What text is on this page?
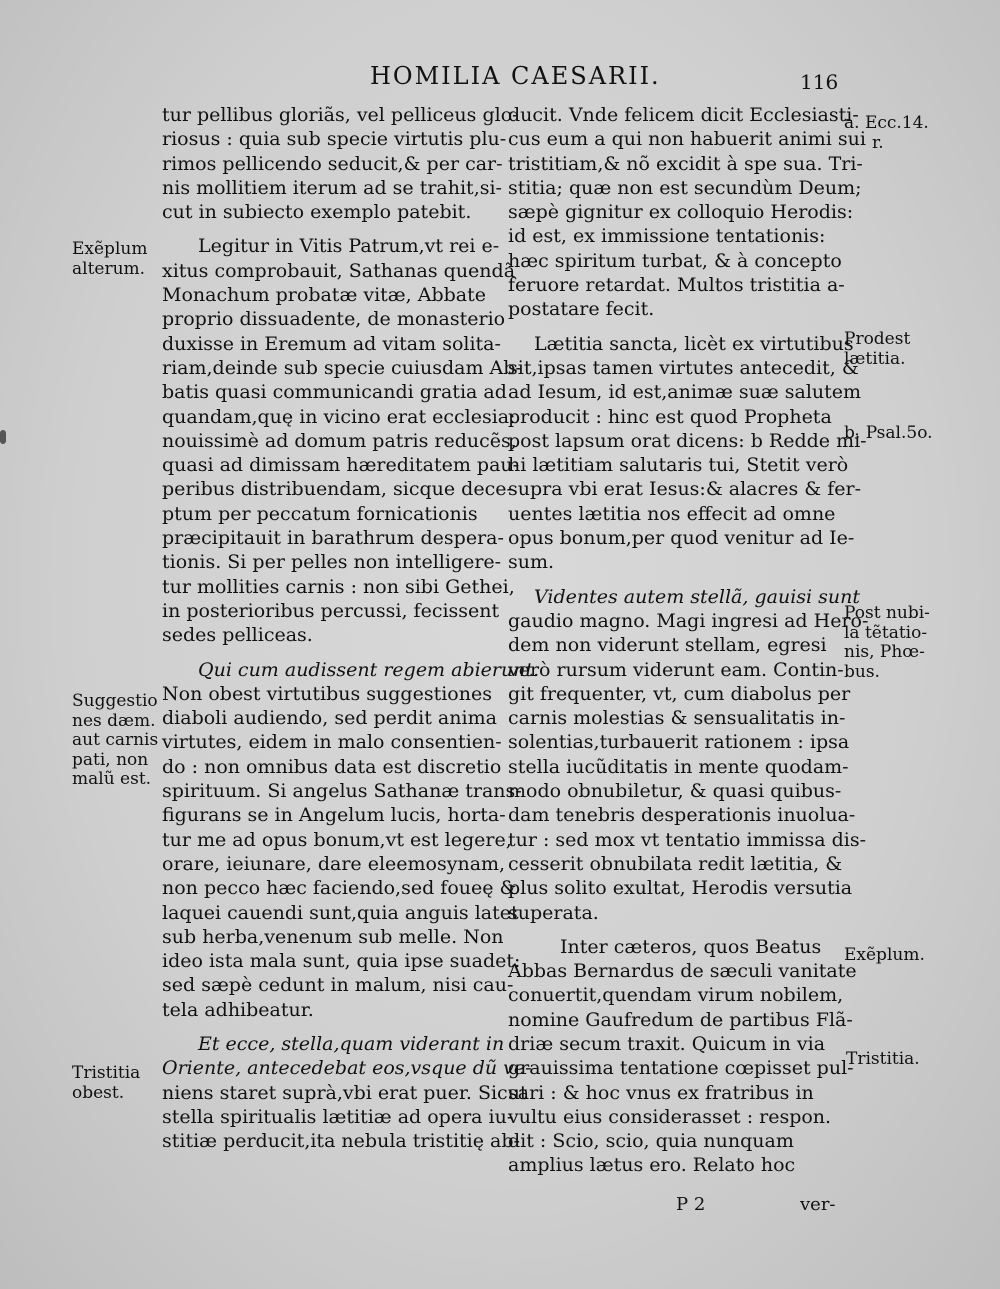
HOMILIA CAESARII.	116
tur pellibus gloriãs, vel pelliceus glo-
riosus : quia sub specie virtutis plu-
rimos pellicendo seducit,& per car-
nis mollitiem iterum ad se trahit,si-
cut in subiecto exemplo patebit.
Legitur in Vitis Patrum,vt rei e-
xitus comprobauit, Sathanas quendã
Monachum probatæ vitæ, Abbate
proprio dissuadente, de monasterio
duxisse in Eremum ad vitam solita-
riam,deinde sub specie cuiusdam Ab-
batis quasi communicandi gratia ad
quandam,quę in vicino erat ecclesia:
nouissimè ad domum patris reducẽs,
quasi ad dimissam hæreditatem pau-
peribus distribuendam, sicque dece-
ptum per peccatum fornicationis
præcipitauit in barathrum desperа-
tionis. Si per pelles non intelligere-
tur mollities carnis : non sibi Gethei,
in posterioribus percussi, fecissent
sedes pelliceas.
Qui cum audissent regem abierunt.
Non obest virtutibus suggestiones
diaboli audiendo, sed perdit anima
virtutes, eidem in malo consentien-
do : non omnibus data est discretio
spirituum. Si angelus Sathanæ trans-
figurans se in Angelum lucis, horta-
tur me ad opus bonum,vt est legere,
orare, ieiunare, dare eleemosynam,
non pecco hæc faciendo,sed foueę &
laquei cauendi sunt,quia anguis latet
sub herba,venenum sub melle. Non
ideo ista mala sunt, quia ipse suadet:
sed sæpè cedunt in malum, nisi cau-
tela adhibeatur.
Et ecce, stella,quam viderant in
Oriente, antecedebat eos,vsque dũ ve-
niens staret suprà,vbi erat puer. Sicut
stella spiritualis lætitiæ ad opera iu-
stitiæ perducit,ita nebula tristitię ab-
ducit. Vnde felicem dicit Ecclesiasti-
cus eum a qui non habuerit animi sui
tristitiam,& nõ excidit à spe sua. Tri-
stitia; quæ non est secundùm Deum;
sæpè gignitur ex colloquio Herodis:
id est, ex immissione tentationis:
hæc spiritum turbat, & à concepto
feruore retardat. Multos tristitia a-
postatare fecit.
Lætitia sancta, licèt ex virtutibus
sit,ipsas tamen virtutes antecedit, &
ad Iesum, id est,animæ suæ salutem
producit : hinc est quod Propheta
post lapsum orat dicens: b Redde mi-
hi lætitiam salutaris tui, Stetit verò
supra vbi erat Iesus:& alacres & fer-
uentes lætitia nos effecit ad omne
opus bonum,per quod venitur ad Ie-
sum.
Videntes autem stellã, gauisi sunt
gaudio magno. Magi ingresi ad Hero-
dem non viderunt stellam, egresi
verò rursum viderunt eam. Contin-
git frequenter, vt, cum diabolus per
carnis molestias & sensualitatis in-
solentias,turbauerit rationem : ipsa
stella iucũditatis in mente quodam-
modo obnubiletur, & quasi quibus-
dam tenebris desperationis inuolua-
tur : sed mox vt tentatio immissa dis-
cesserit obnubilata redit lætitia, &
plus solito exultat, Herodis versutia
superata.
Inter cæteros, quos Beatus
Abbas Bernardus de sæculi vanitate
conuertit,quendam virum nobilem,
nomine Gaufredum de partibus Flã-
driæ secum traxit. Quicum in via
grauissima tentatione cœpisset pul-
sari : & hoc vnus ex fratribus in
vultu eius considerasset : respon.
dit : Scio, scio, quia nunquam
amplius lætus ero. Relato hoc
Exẽplum
alterum.
Suggestio
nes dæm.
aut carnis
pati, non
malũ est.
Tristitia
obest.
a. Ecc.14.
r.
Prodest
lætitia.
b. Psal.5o.
Post nubi-
la tẽtatio-
nis, Phœ-
bus.
Exẽplum.
Tristitia.
P 2	ver-
